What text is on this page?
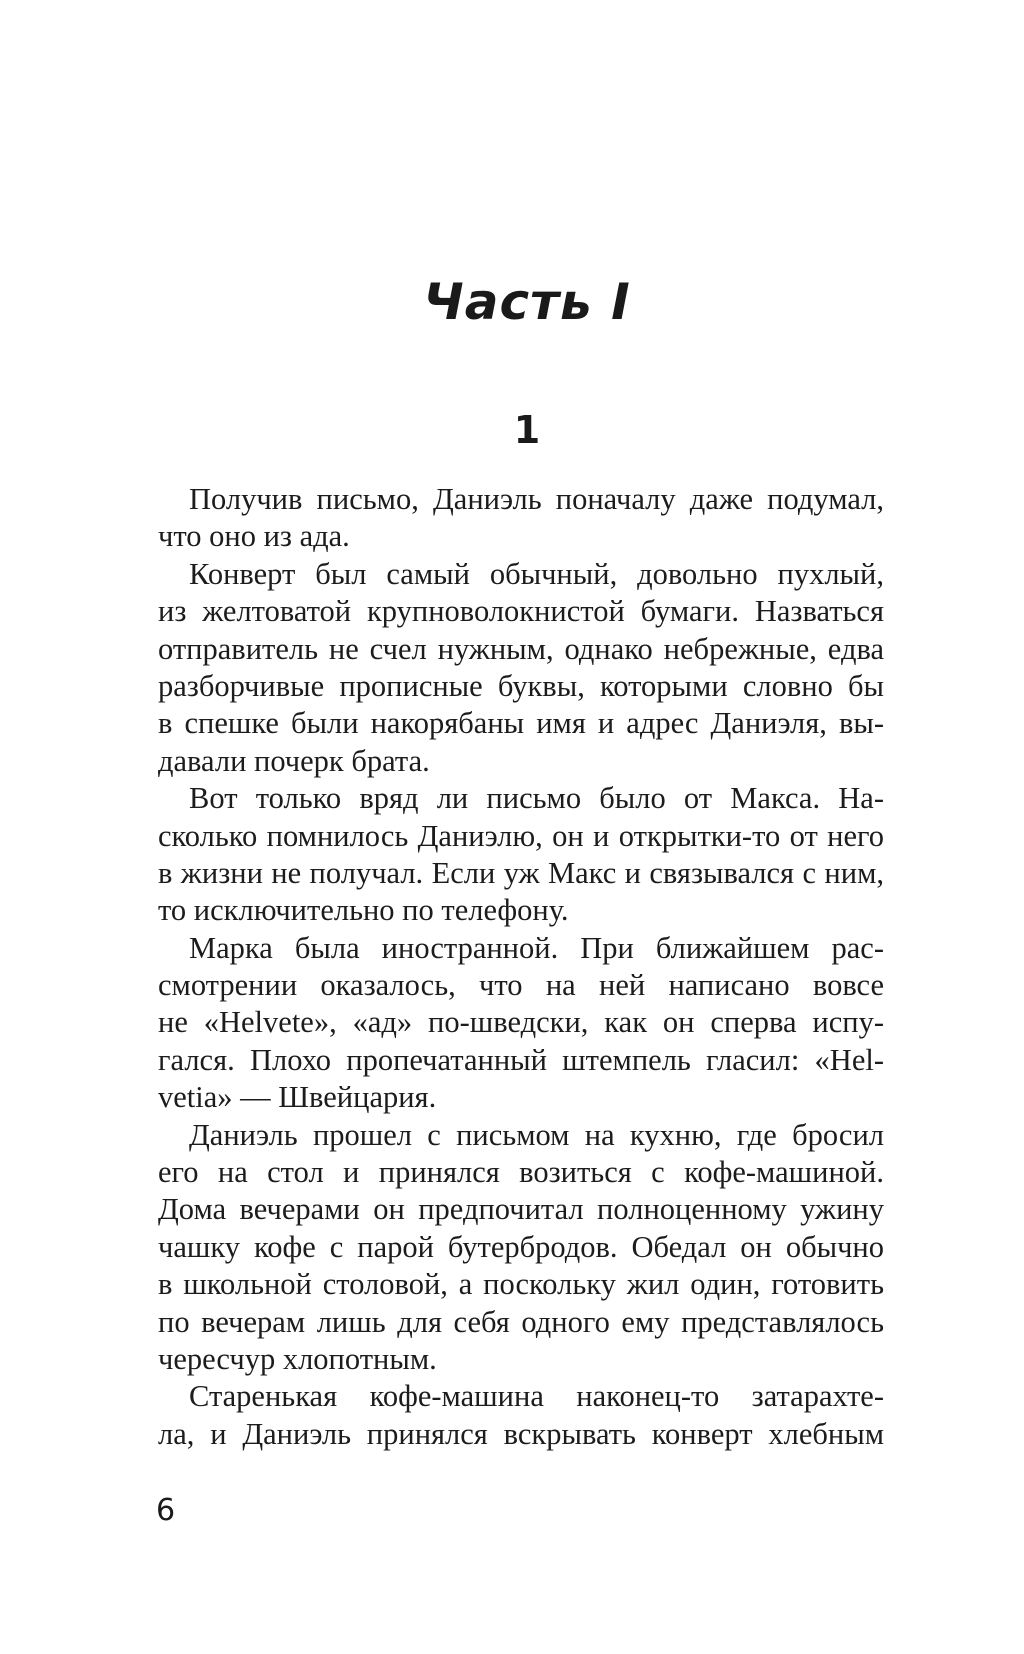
Часть I
1
Получив письмо, Даниэль поначалу даже подумал,
что оно из ада.
Конверт был самый обычный, довольно пухлый,
из желтоватой крупноволокнистой бумаги. Назваться
отправитель не счел нужным, однако небрежные, едва
разборчивые прописные буквы, которыми словно бы
в спешке были накорябаны имя и адрес Даниэля, вы-
давали почерк брата.
Вот только вряд ли письмо было от Макса. На-
сколько помнилось Даниэлю, он и открытки-то от него
в жизни не получал. Если уж Макс и связывался с ним,
то исключительно по телефону.
Марка была иностранной. При ближайшем рас-
смотрении оказалось, что на ней написано вовсе
не «Helvete», «ад» по-шведски, как он сперва испу-
гался. Плохо пропечатанный штемпель гласил: «Hel-
vetia» — Швейцария.
Даниэль прошел с письмом на кухню, где бросил
его на стол и принялся возиться с кофе-машиной.
Дома вечерами он предпочитал полноценному ужину
чашку кофе с парой бутербродов. Обедал он обычно
в школьной столовой, а поскольку жил один, готовить
по вечерам лишь для себя одного ему представлялось
чересчур хлопотным.
Старенькая кофе-машина наконец-то затарахте-
ла, и Даниэль принялся вскрывать конверт хлебным
6
